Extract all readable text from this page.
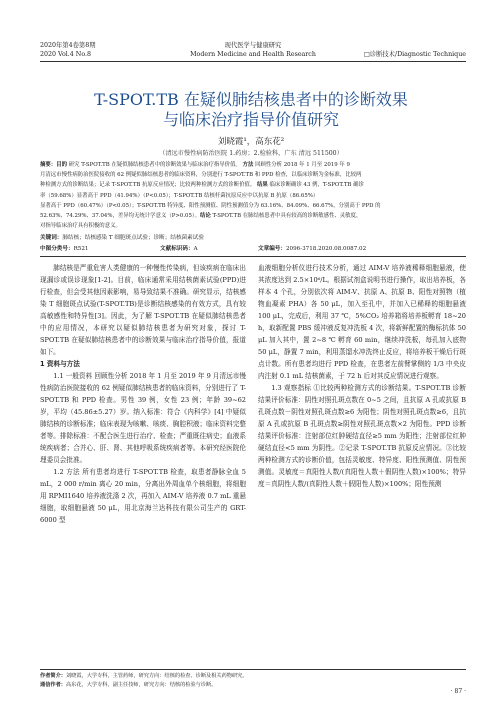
2020年第4卷第8期
2020 Vol.4 No.8
现代医学与健康研究
Modern Medicine and Health Research	□诊断技术/Diagnostic Technique
T-SPOT.TB 在疑似肺结核患者中的诊断效果
与临床治疗指导价值研究
刘晓霞¹，高东花²
（清远市慢性病防治医院 1.药房；2.检验科，广东 清远 511500）
摘要：目的 研究 T-SPOT.TB 在疑似肺结核患者中的诊断效果与临床治疗指导价值。 方法 回顾性分析 2018 年 1 月至 2019 年 9
月清远市慢性病防治医院接收的 62 例疑似肺结核患者的临床资料，分别进行 T-SPOT.TB 和 PPD 检查，以临床诊断为金标准，比较两
种检测方式的诊断结果；记录 T-SPOT.TB 抗原反应情况；比较两种检测方式的诊断价值。 结果 临床诊断确诊 43 例，T-SPOT.TB 确诊
率（59.68%）显著高于 PPD（41.94%）（P<0.05）；T-SPOT.TB 结核杆菌抗原反应中以抗原 B 抗原（86.65%）
显著高于 PPD（60.47%）（P<0.05）；T-SPOT.TB 特异度、阳性预测值、阴性预测值分为 63.16%、84.09%、66.67%，分别高于 PPD 的
52.63%、74.29%、37.04%，差异均无统计学意义（P>0.05）。结论 T-SPOT.TB 在肺结核患者中具有较高的诊断敏感性、灵敏度，
对指导临床治疗具有积极的意义。
关键词：肺结核；结核感染 T 细胞斑点试验；诊断；结核菌素试验
中图分类号：R521	文献标识码：A	文章编号：2096-3718.2020.08.0087.02

肺结核是严重危害人类健康的一种慢性传染病，但该疾病在临床出现漏诊或误诊现象[1-2]。目前，临床通常采用结核菌素试验(PPD)进行检查，但会受其他因素影响，易导致结果不准确。研究显示，结核感染 T 细胞斑点试验(T-SPOT.TB)是诊断结核感染的有效方式，具有较高敏感性和特异性[3]。因此，为了解 T-SPOT.TB 在疑似肺结核患者中的应用情况，本研究以疑似肺结核患者为研究对象，探讨 T-SPOT.TB 在疑似肺结核患者中的诊断效果与临床治疗指导价值，报道如下。

1 资料与方法

1.1 一般资料 回顾性分析 2018 年 1 月至 2019 年 9 月清远市慢性病防治医院接收的 62 例疑似肺结核患者的临床资料，分别进行了 T-SPOT.TB 和 PPD 检查。男性 39 例，女性 23 例；年龄 39~62 岁，平均（45.86±5.27）岁。纳入标准：符合《内科学》[4] 中疑似肺结核的诊断标准；临床表现为咳嗽、咳痰、胸腔积液；临床资料完整者等。排除标准：不配合医生进行治疗、检查；严重既往病史；血液系统疾病者；合并心、肝、肾、其他呼吸系统疾病者等。本研究经医院伦理委员会批准。

1.2 方法 所有患者均进行 T-SPOT.TB 检查，取患者静脉全血 5 mL，2 000 r/min 离心 20 min，分离出外周血单个核细胞，将细胞用 RPMI1640 培养液洗涤 2 次，再加入 AIM-V 培养液 0.7 mL 重悬细胞，取细胞悬液 50 μL，用北京海兰达科技有限公司生产的 GRT-6000 型

血液细胞分析仪进行技术分析，通过 AIM-V 培养液稀释细胞悬液，使其浓度达到 2.5×10⁶/L。根据试剂盒说明书进行操作，取出培养板，各样本 4 个孔，分别依次将 AIM-V、抗原 A、抗原 B、阳性对照物（植物血凝素 PHA）各 50 μL，加入至孔中，并加入已稀释的细胞悬液 100 μL，完成后，利用 37 ℃，5%CO₂ 培养箱将培养板孵育 18~20 h，取新配置 PBS 缓冲液反复冲洗板 4 次，将新鲜配置的酶标抗体 50 μL 加入其中，置 2~8 ℃ 孵育 60 min，继续冲洗板，每孔加入底物 50 μL，静置 7 min，利用蒸馏水冲洗终止反应，将培养板干燥后行斑点计数。所有患者均进行 PPD 检查，在患者左前臂掌侧的 1/3 中央皮内注射 0.1 mL 结核菌素，于 72 h 后对其反应情况进行观察。

1.3 观察指标 ①比较两种检测方式的诊断结果。T-SPOT.TB 诊断结果评价标准：阴性对照孔斑点数在 0~5 之间，且抗原 A 孔或抗原 B 孔斑点数－阴性对照孔斑点数≥6 为阳性；阴性对照孔斑点数≥6，且抗原 A 孔或抗原 B 孔斑点数≥阴性对照孔斑点数×2 为阳性。PPD 诊断结果评价标准：注射部位红肿硬结直径≥5 mm 为阳性；注射部位红肿硬结直径<5 mm 为阴性。②记录 T-SPOT.TB 抗原反应情况。③比较两种检测方式的诊断价值，包括灵敏度、特异度、阳性预测值、阴性预测值。灵敏度＝真阳性人数/(真阳性人数＋假阴性人数)×100%；特异度＝真阴性人数/(真阴性人数＋假阳性人数)×100%；阳性预测

作者简介：刘晓霞，大学专科，主管药师，研究方向：结核的检查、诊断及相关药物研究。
通信作者：高东花，大学专科，副主任技师，研究方向：结核的检验与诊断。
· 87 ·
